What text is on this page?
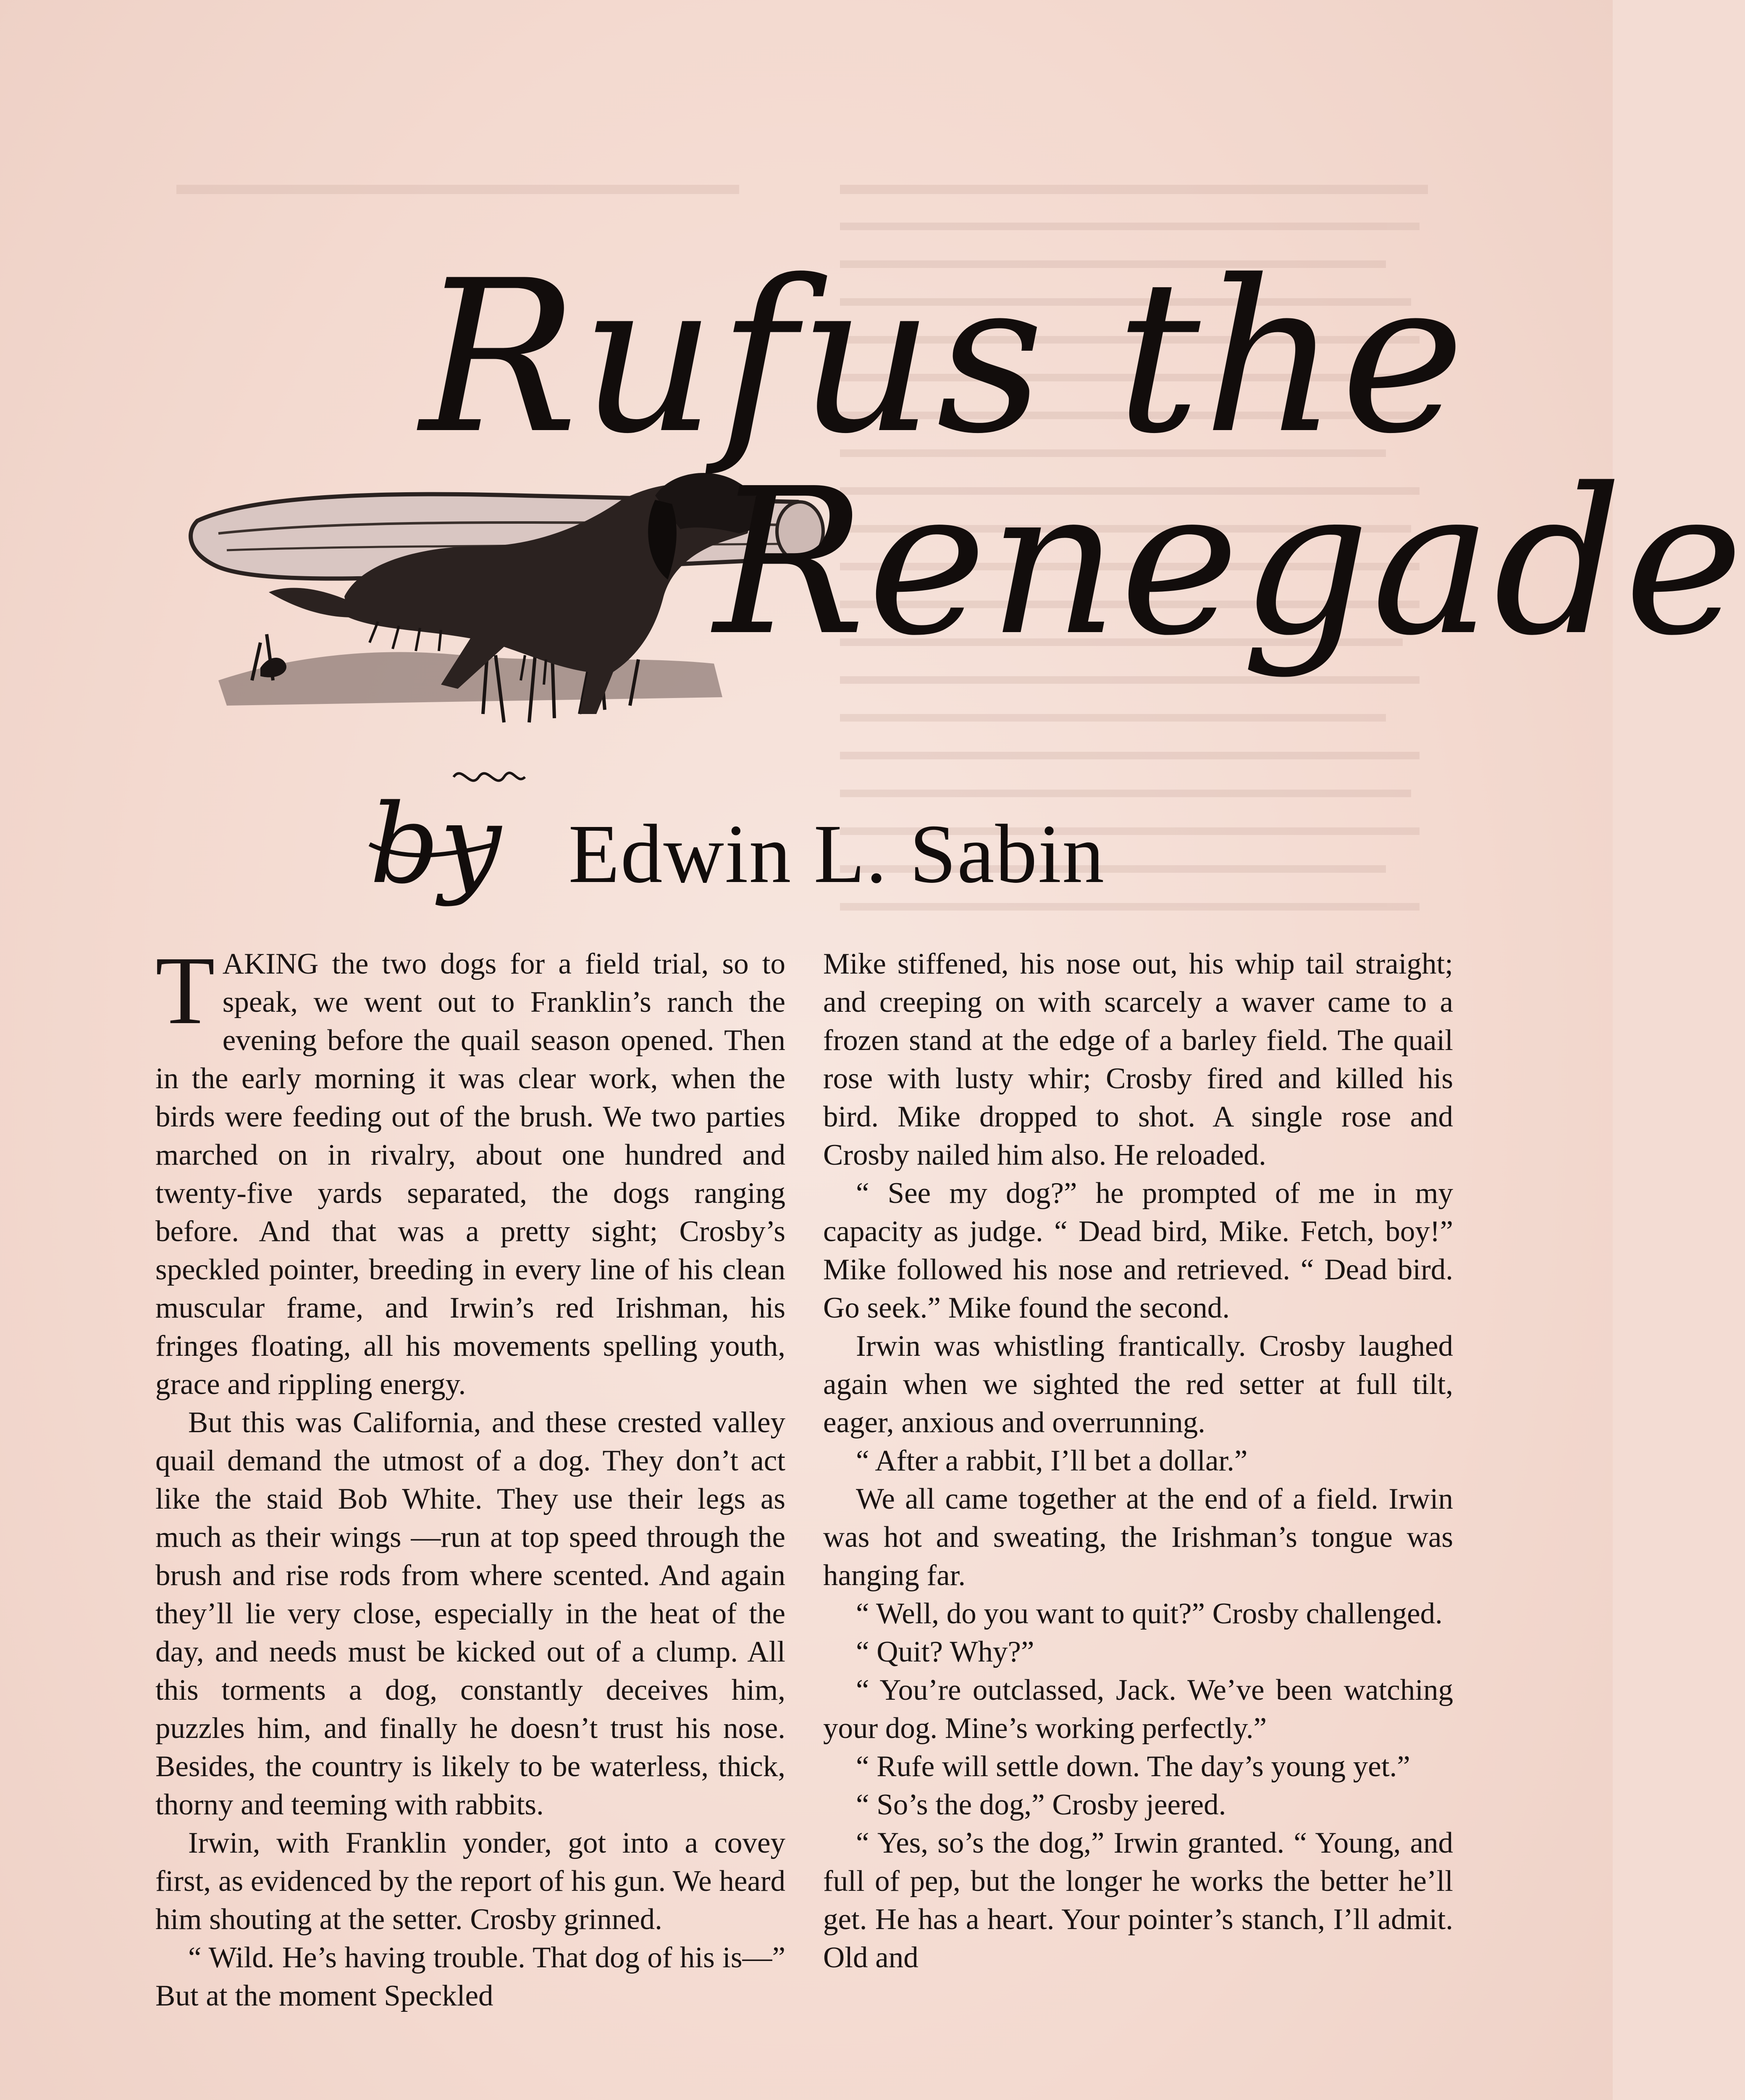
Rufus the
Renegade
by Edwin L. Sabin

TAKING the two dogs for a field trial, so to speak, we went out to Franklin’s ranch the evening before the quail season opened. Then in the early morning it was clear work, when the birds were feeding out of the brush. We two parties marched on in rivalry, about one hundred and twenty-five yards separated, the dogs ranging before. And that was a pretty sight; Crosby’s speckled pointer, breeding in every line of his clean muscular frame, and Irwin’s red Irishman, his fringes floating, all his movements spelling youth, grace and rippling energy.

But this was California, and these crested valley quail demand the utmost of a dog. They don’t act like the staid Bob White. They use their legs as much as their wings —run at top speed through the brush and rise rods from where scented. And again they’ll lie very close, especially in the heat of the day, and needs must be kicked out of a clump. All this torments a dog, constantly deceives him, puzzles him, and finally he doesn’t trust his nose. Besides, the country is likely to be waterless, thick, thorny and teeming with rabbits.

Irwin, with Franklin yonder, got into a covey first, as evidenced by the report of his gun. We heard him shouting at the setter. Crosby grinned.

“ Wild. He’s having trouble. That dog of his is—” But at the moment Speckled

Mike stiffened, his nose out, his whip tail straight; and creeping on with scarcely a waver came to a frozen stand at the edge of a barley field. The quail rose with lusty whir; Crosby fired and killed his bird. Mike dropped to shot. A single rose and Crosby nailed him also. He reloaded.

“ See my dog?” he prompted of me in my capacity as judge. “ Dead bird, Mike. Fetch, boy!” Mike followed his nose and retrieved. “ Dead bird. Go seek.” Mike found the second.

Irwin was whistling frantically. Crosby laughed again when we sighted the red setter at full tilt, eager, anxious and overrunning.

“ After a rabbit, I’ll bet a dollar.”

We all came together at the end of a field. Irwin was hot and sweating, the Irishman’s tongue was hanging far.

“ Well, do you want to quit?” Crosby challenged.

“ Quit? Why?”

“ You’re outclassed, Jack. We’ve been watching your dog. Mine’s working perfectly.”

“ Rufe will settle down. The day’s young yet.”

“ So’s the dog,” Crosby jeered.

“ Yes, so’s the dog,” Irwin granted. “ Young, and full of pep, but the longer he works the better he’ll get. He has a heart. Your pointer’s stanch, I’ll admit. Old and
